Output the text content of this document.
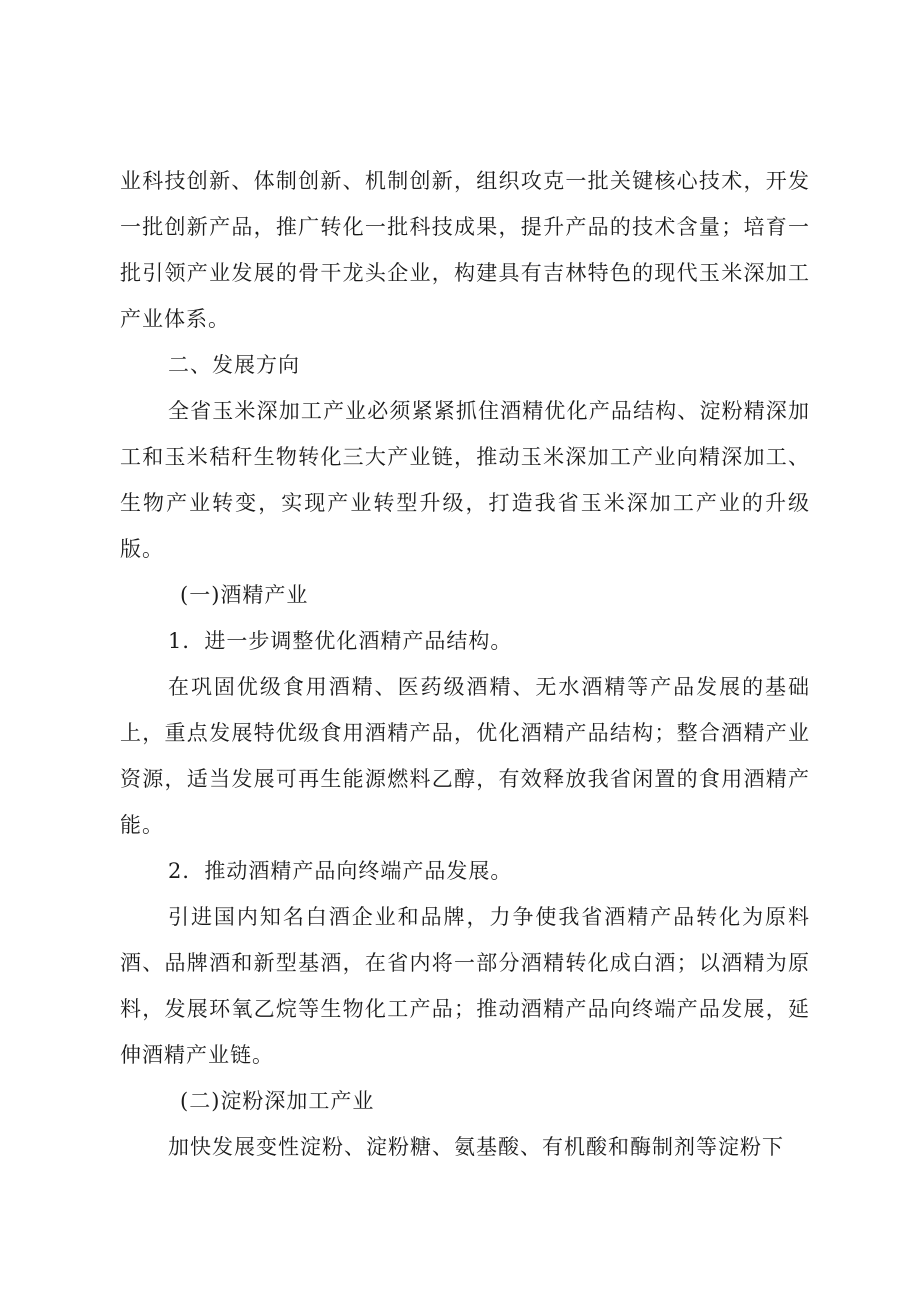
业科技创新、体制创新、机制创新，组织攻克一批关键核心技术，开发一批创新产品，推广转化一批科技成果，提升产品的技术含量；培育一批引领产业发展的骨干龙头企业，构建具有吉林特色的现代玉米深加工产业体系。

二、发展方向

全省玉米深加工产业必须紧紧抓住酒精优化产品结构、淀粉精深加工和玉米秸秆生物转化三大产业链，推动玉米深加工产业向精深加工、生物产业转变，实现产业转型升级，打造我省玉米深加工产业的升级版。

(一)酒精产业

1．进一步调整优化酒精产品结构。

在巩固优级食用酒精、医药级酒精、无水酒精等产品发展的基础上，重点发展特优级食用酒精产品，优化酒精产品结构；整合酒精产业资源，适当发展可再生能源燃料乙醇，有效释放我省闲置的食用酒精产能。

2．推动酒精产品向终端产品发展。

引进国内知名白酒企业和品牌，力争使我省酒精产品转化为原料酒、品牌酒和新型基酒，在省内将一部分酒精转化成白酒；以酒精为原料，发展环氧乙烷等生物化工产品；推动酒精产品向终端产品发展，延伸酒精产业链。

(二)淀粉深加工产业

加快发展变性淀粉、淀粉糖、氨基酸、有机酸和酶制剂等淀粉下
